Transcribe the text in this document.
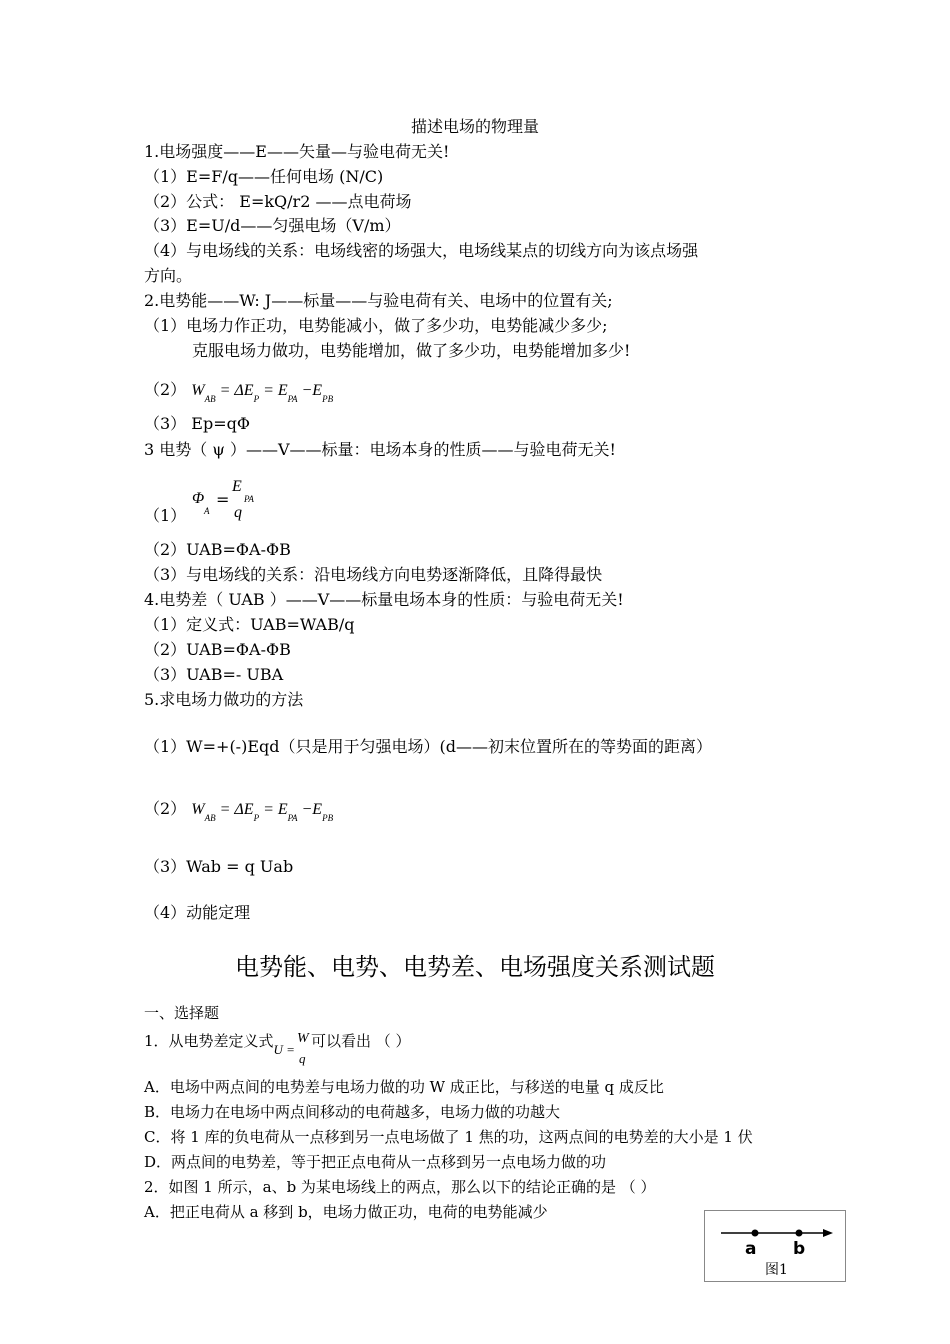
描述电场的物理量
1.电场强度——E——矢量—与验电荷无关!
（1）E=F/q——任何电场 (N/C)
（2）公式： E=kQ/r2 ——点电荷场
（3）E=U/d——匀强电场（V/m）
（4）与电场线的关系：电场线密的场强大，电场线某点的切线方向为该点场强
方向。
2.电势能——W: J——标量——与验电荷有关、电场中的位置有关;
（1）电场力作正功，电势能减小，做了多少功，电势能减少多少;
克服电场力做功，电势能增加，做了多少功，电势能增加多少!
（2） $W_{AB} = \Delta E_P = E_{PA} -E_{PB}$
（3） Ep=qΦ
3 电势（ ψ ）——V——标量：电场本身的性质——与验电荷无关!
（1）
Φ
A
=
E
PA
q
（2）UAB=ΦA-ΦB
（3）与电场线的关系：沿电场线方向电势逐渐降低，且降得最快
4.电势差（ UAB ）——V——标量电场本身的性质：与验电荷无关!
（1）定义式：UAB=WAB/q
（2）UAB=ΦA-ΦB
（3）UAB=- UBA
5.求电场力做功的方法
（1）W=+(-)Eqd（只是用于匀强电场）(d——初末位置所在的等势面的距离）
（2） $W_{AB} = \Delta E_P = E_{PA} -E_{PB}$
（3）Wab = q Uab
（4）动能定理
电势能、电势、电势差、电场强度关系测试题
一、选择题
1．从电势差定义式U =
W
q
可以看出 （ ）
A．电场中两点间的电势差与电场力做的功 W 成正比，与移送的电量 q 成反比
B．电场力在电场中两点间移动的电荷越多，电场力做的功越大
C．将 1 库的负电荷从一点移到另一点电场做了 1 焦的功，这两点间的电势差的大小是 1 伏
D．两点间的电势差，等于把正点电荷从一点移到另一点电场力做的功
2．如图 1 所示，a、b 为某电场线上的两点，那么以下的结论正确的是 （ ）
A．把正电荷从 a 移到 b，电场力做正功，电荷的电势能减少
a b
图1
